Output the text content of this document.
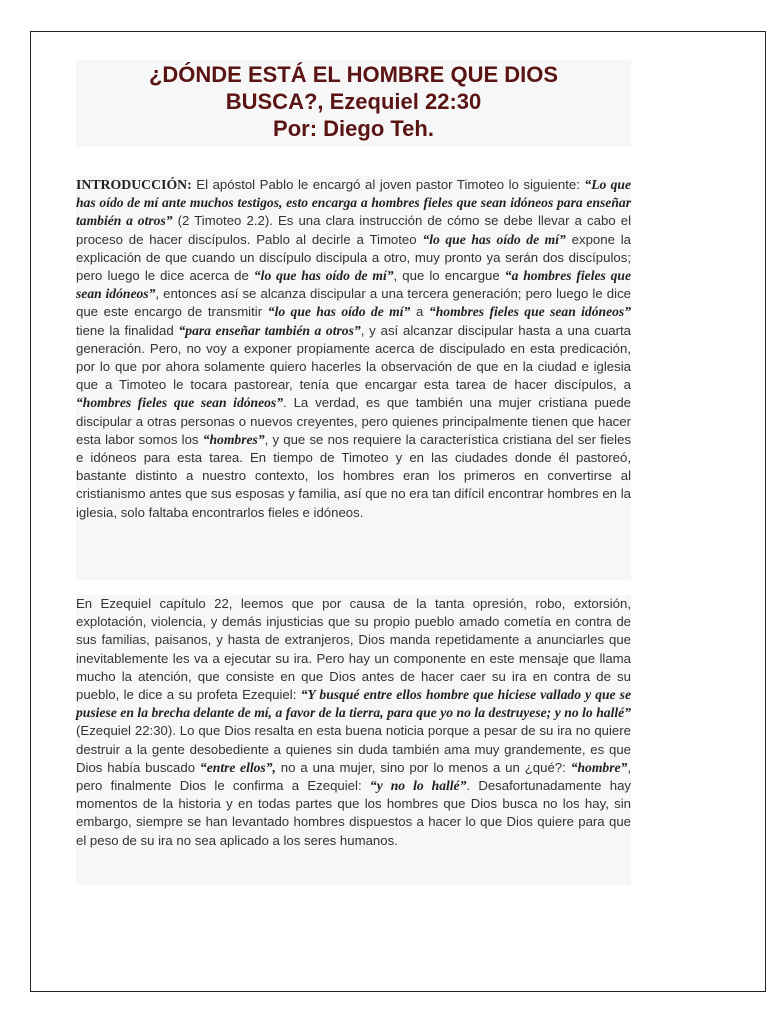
¿DÓNDE ESTÁ EL HOMBRE QUE DIOS
BUSCA?, Ezequiel 22:30
Por: Diego Teh.
INTRODUCCIÓN: El apóstol Pablo le encargó al joven pastor Timoteo lo siguiente: “Lo que has oído de mí ante muchos testigos, esto encarga a hombres fieles que sean idóneos para enseñar también a otros” (2 Timoteo 2.2). Es una clara instrucción de cómo se debe llevar a cabo el proceso de hacer discípulos. Pablo al decirle a Timoteo “lo que has oído de mí” expone la explicación de que cuando un discípulo discipula a otro, muy pronto ya serán dos discípulos; pero luego le dice acerca de “lo que has oído de mí”, que lo encargue “a hombres fieles que sean idóneos”, entonces así se alcanza discipular a una tercera generación; pero luego le dice que este encargo de transmitir “lo que has oído de mí” a “hombres fieles que sean idóneos” tiene la finalidad “para enseñar también a otros”, y así alcanzar discipular hasta a una cuarta generación. Pero, no voy a exponer propiamente acerca de discipulado en esta predicación, por lo que por ahora solamente quiero hacerles la observación de que en la ciudad e iglesia que a Timoteo le tocara pastorear, tenía que encargar esta tarea de hacer discípulos, a “hombres fieles que sean idóneos”. La verdad, es que también una mujer cristiana puede discipular a otras personas o nuevos creyentes, pero quienes principalmente tienen que hacer esta labor somos los “hombres”, y que se nos requiere la característica cristiana del ser fieles e idóneos para esta tarea. En tiempo de Timoteo y en las ciudades donde él pastoreó, bastante distinto a nuestro contexto, los hombres eran los primeros en convertirse al cristianismo antes que sus esposas y familia, así que no era tan difícil encontrar hombres en la iglesia, solo faltaba encontrarlos fieles e idóneos.
En Ezequiel capítulo 22, leemos que por causa de la tanta opresión, robo, extorsión, explotación, violencia, y demás injusticias que su propio pueblo amado cometía en contra de sus familias, paisanos, y hasta de extranjeros, Dios manda repetidamente a anunciarles que inevitablemente les va a ejecutar su ira. Pero hay un componente en este mensaje que llama mucho la atención, que consiste en que Dios antes de hacer caer su ira en contra de su pueblo, le dice a su profeta Ezequiel: “Y busqué entre ellos hombre que hiciese vallado y que se pusiese en la brecha delante de mí, a favor de la tierra, para que yo no la destruyese; y no lo hallé” (Ezequiel 22:30). Lo que Dios resalta en esta buena noticia porque a pesar de su ira no quiere destruir a la gente desobediente a quienes sin duda también ama muy grandemente, es que Dios había buscado “entre ellos”, no a una mujer, sino por lo menos a un ¿qué?: “hombre”, pero finalmente Dios le confirma a Ezequiel: “y no lo hallé”. Desafortunadamente hay momentos de la historia y en todas partes que los hombres que Dios busca no los hay, sin embargo, siempre se han levantado hombres dispuestos a hacer lo que Dios quiere para que el peso de su ira no sea aplicado a los seres humanos.
